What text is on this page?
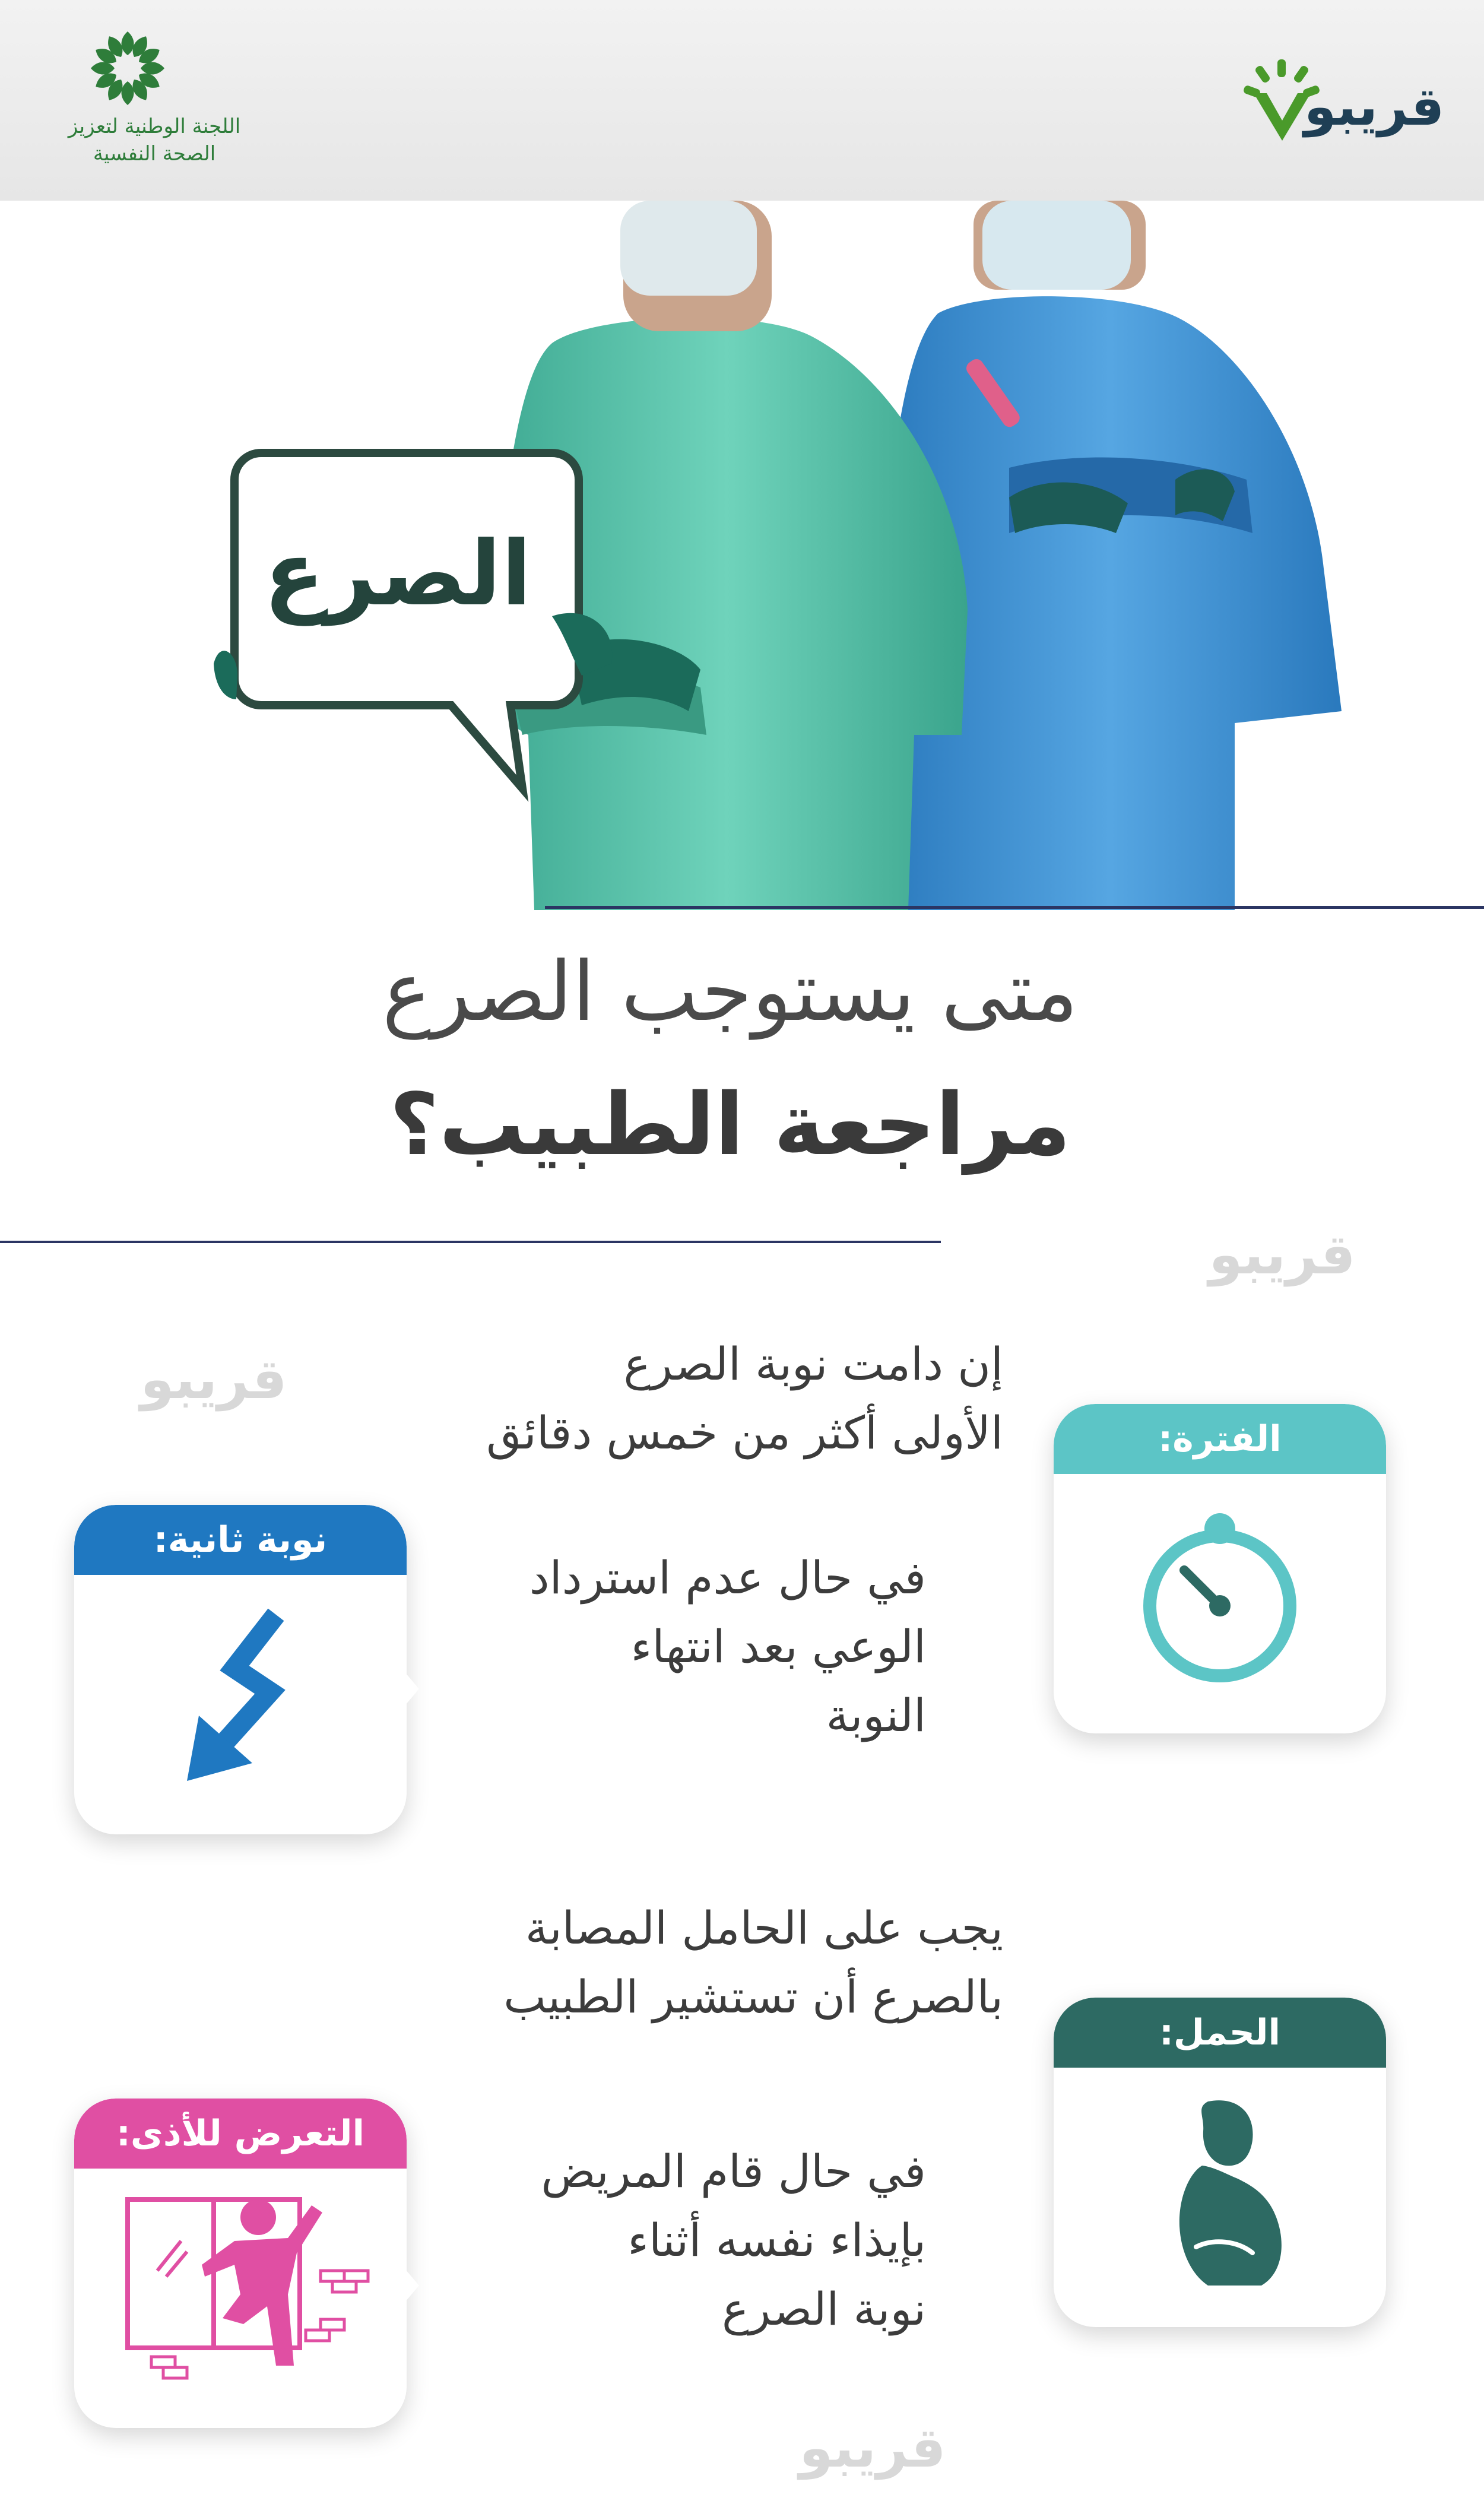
اللجنة الوطنية لتعزيز
الصحة النفسية
قريبو
الصرع
متى يستوجب الصرع
مراجعة الطبيب؟
قريبو
قريبو
قريبو
إن دامت نوبة الصرع
الأولى أكثر من خمس دقائق	الفترة:
نوبة ثانية:
في حال عدم استرداد
الوعي بعد انتهاء
النوبة
يجب على الحامل المصابة
بالصرع أن تستشير الطبيب
الحمل:
التعرض للأذى:
في حال قام المريض
بإيذاء نفسه أثناء
نوبة الصرع
